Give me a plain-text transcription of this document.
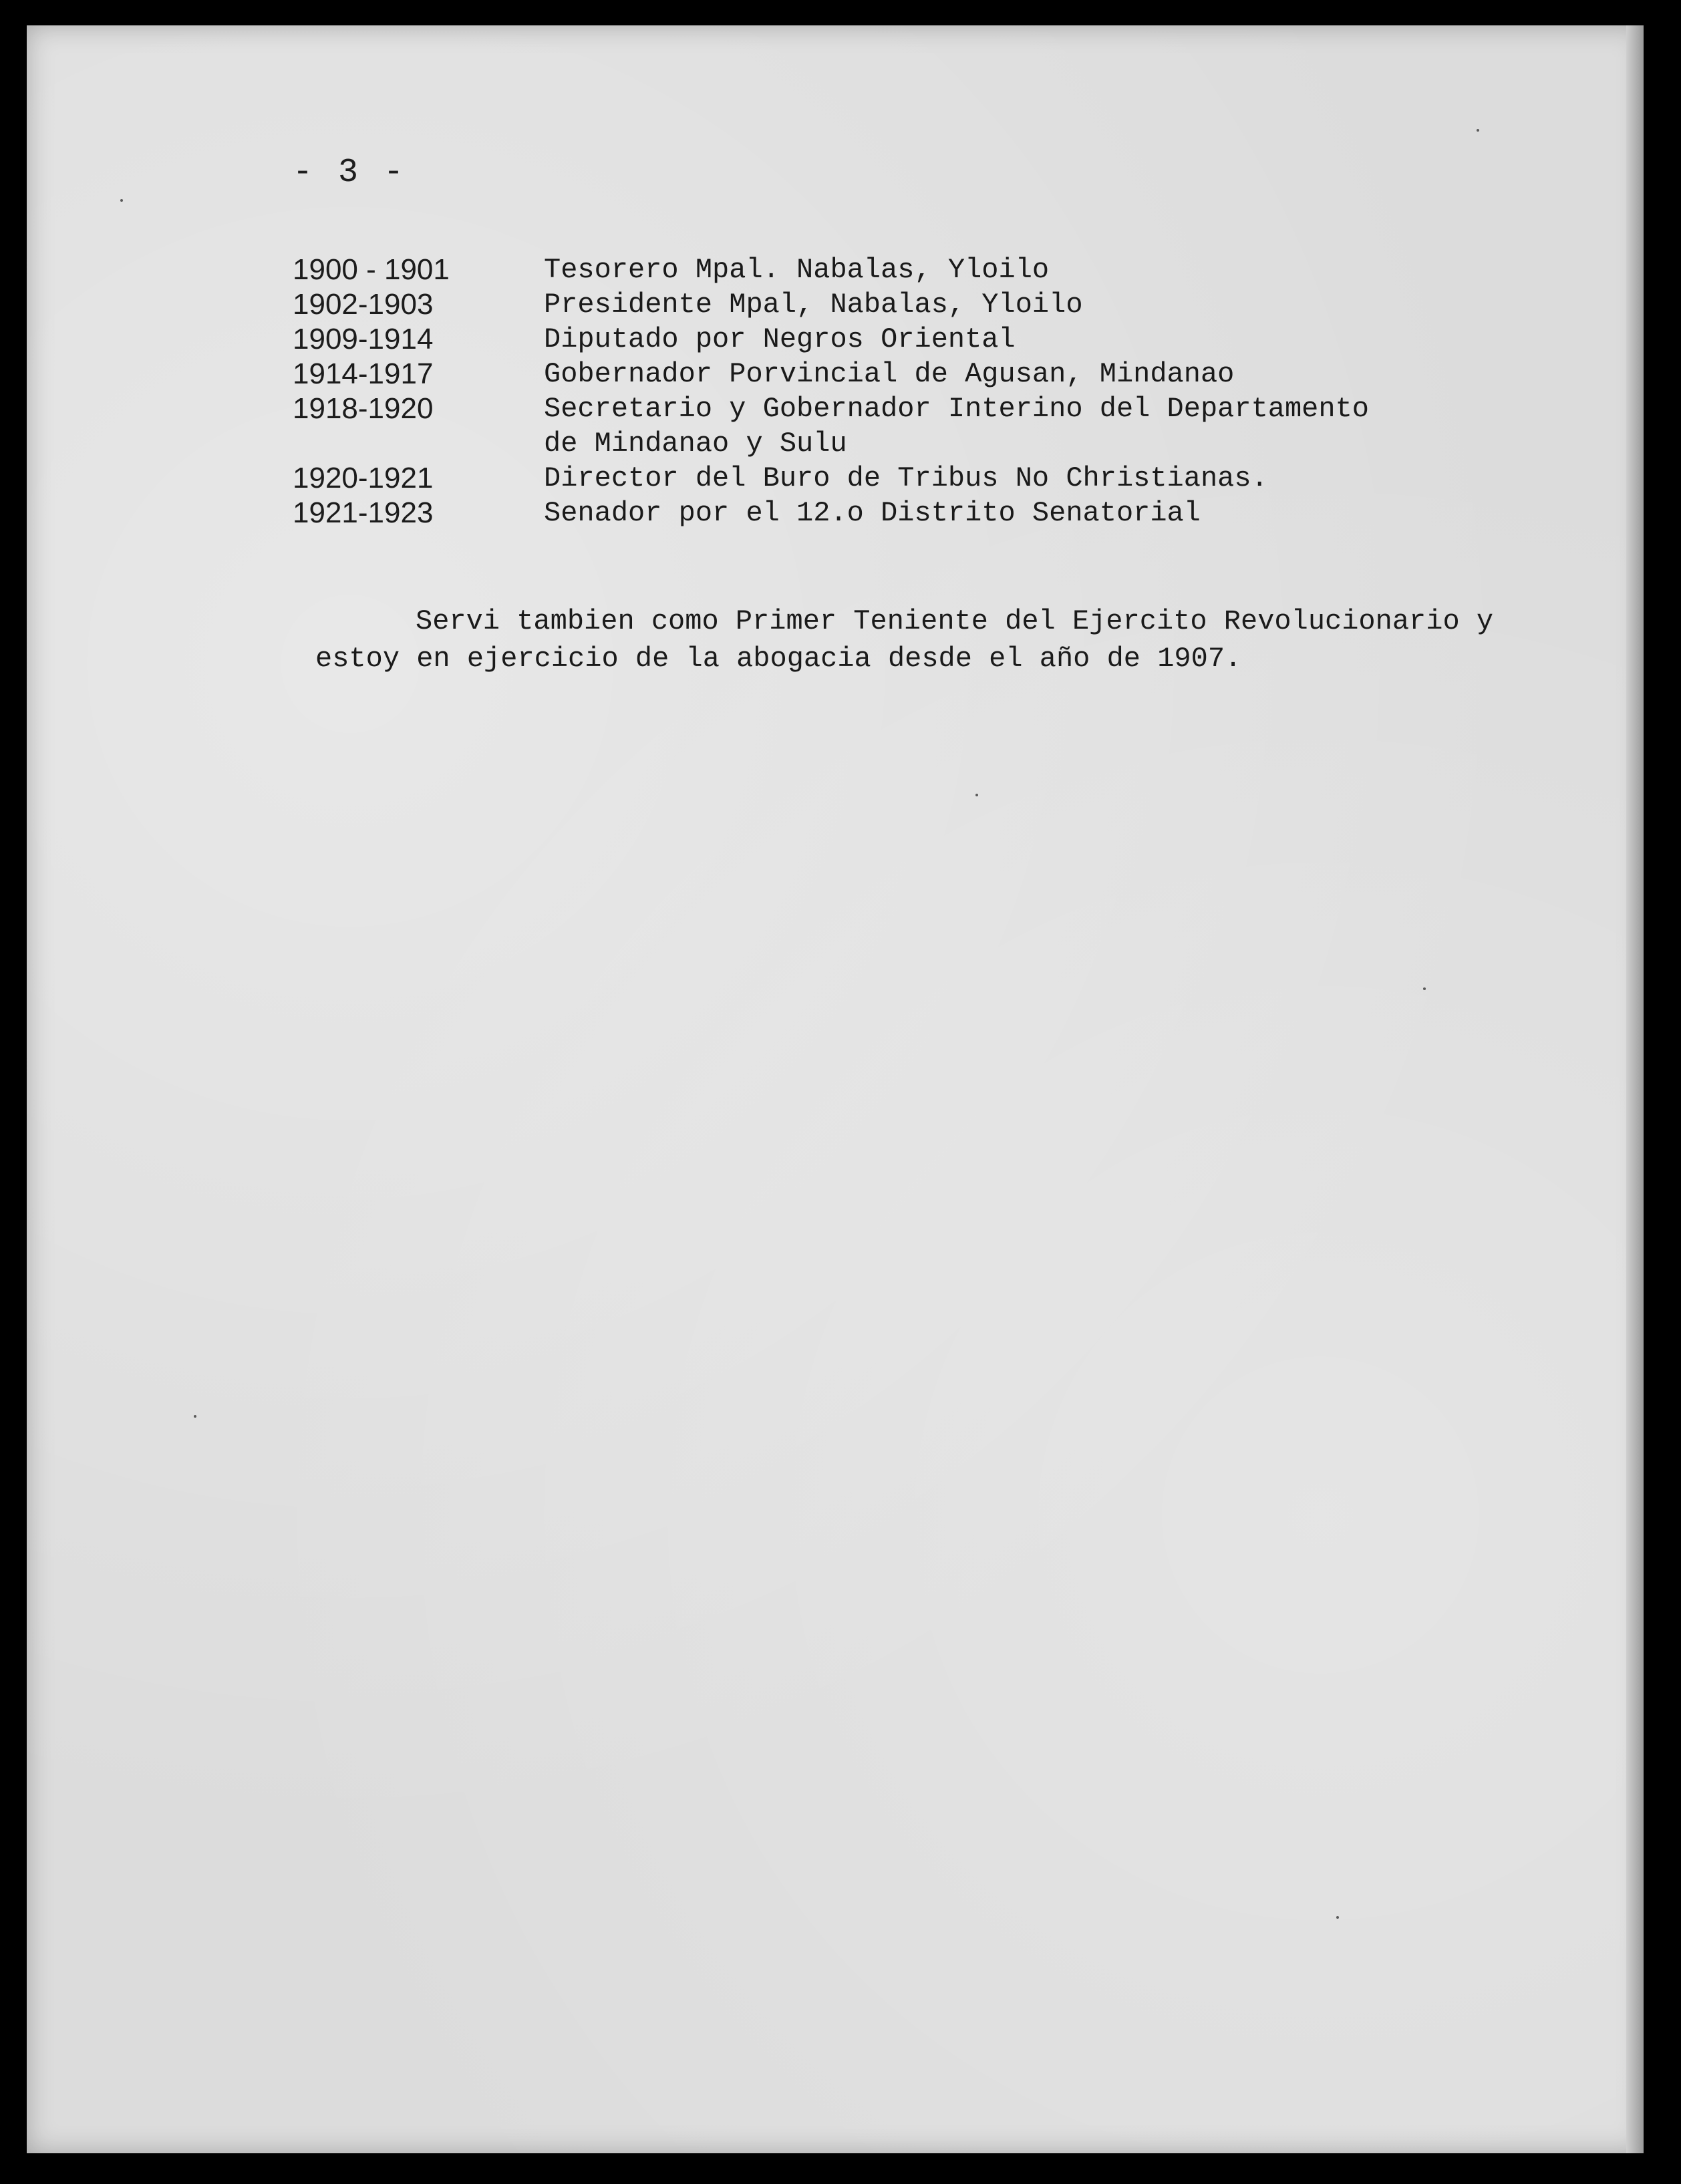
- 3 -
1900 - 1901	Tesorero Mpal. Nabalas, Yloilo
1902-1903	Presidente Mpal, Nabalas, Yloilo
1909-1914	Diputado por Negros Oriental
1914-1917	Gobernador Porvincial de Agusan, Mindanao
1918-1920	Secretario y Gobernador Interino del Departamento
de Mindanao y Sulu
1920-1921	Director del Buro de Tribus No Christianas.
1921-1923	Senador por el 12.o Distrito Senatorial

Servi tambien como Primer Teniente del Ejercito Revolucionario y estoy en ejercicio de la abogacia desde el año de 1907.
